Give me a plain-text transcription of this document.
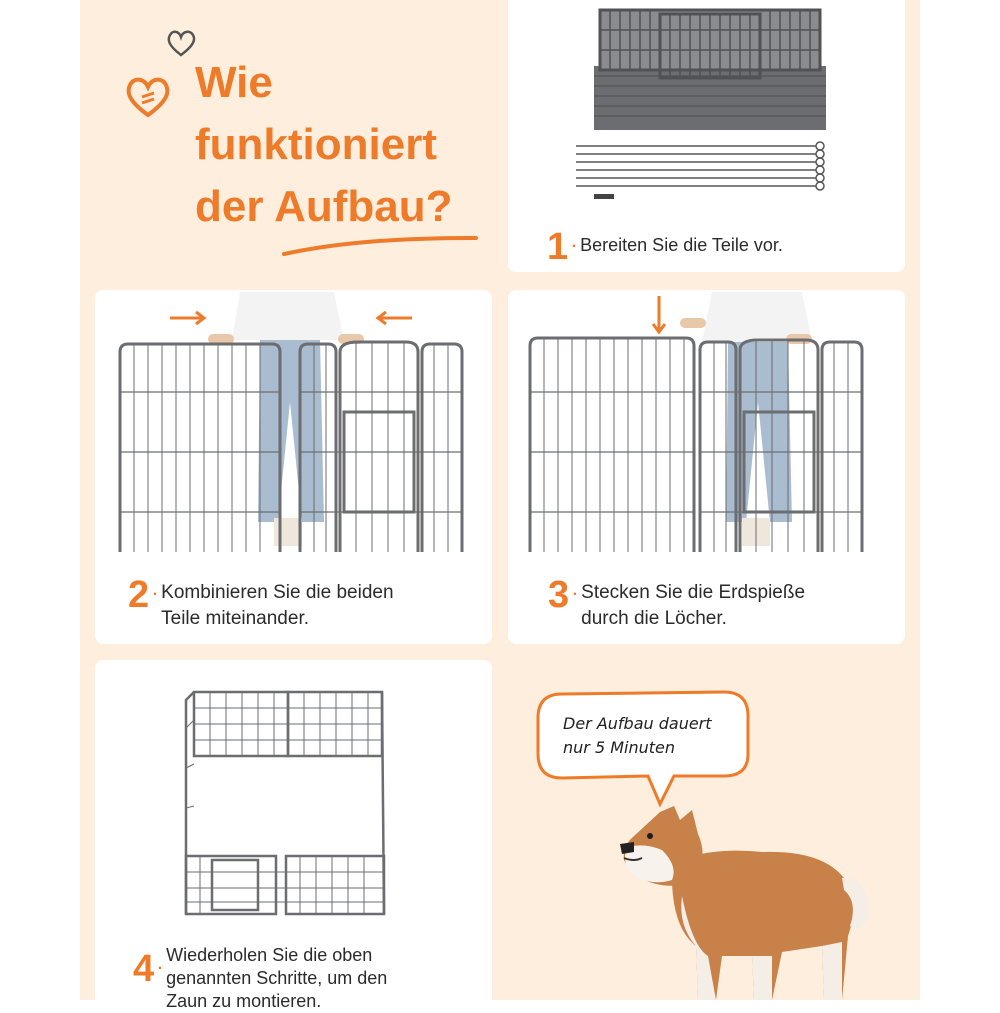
Wie
funktioniert
der Aufbau?
1 . Bereiten Sie die Teile vor.
2 . Kombinieren Sie die beiden
Teile miteinander.
3 . Stecken Sie die Erdspieße
durch die Löcher.
4 . Wiederholen Sie die oben
genannten Schritte, um den
Zaun zu montieren.
Der Aufbau dauert
nur 5 Minuten
